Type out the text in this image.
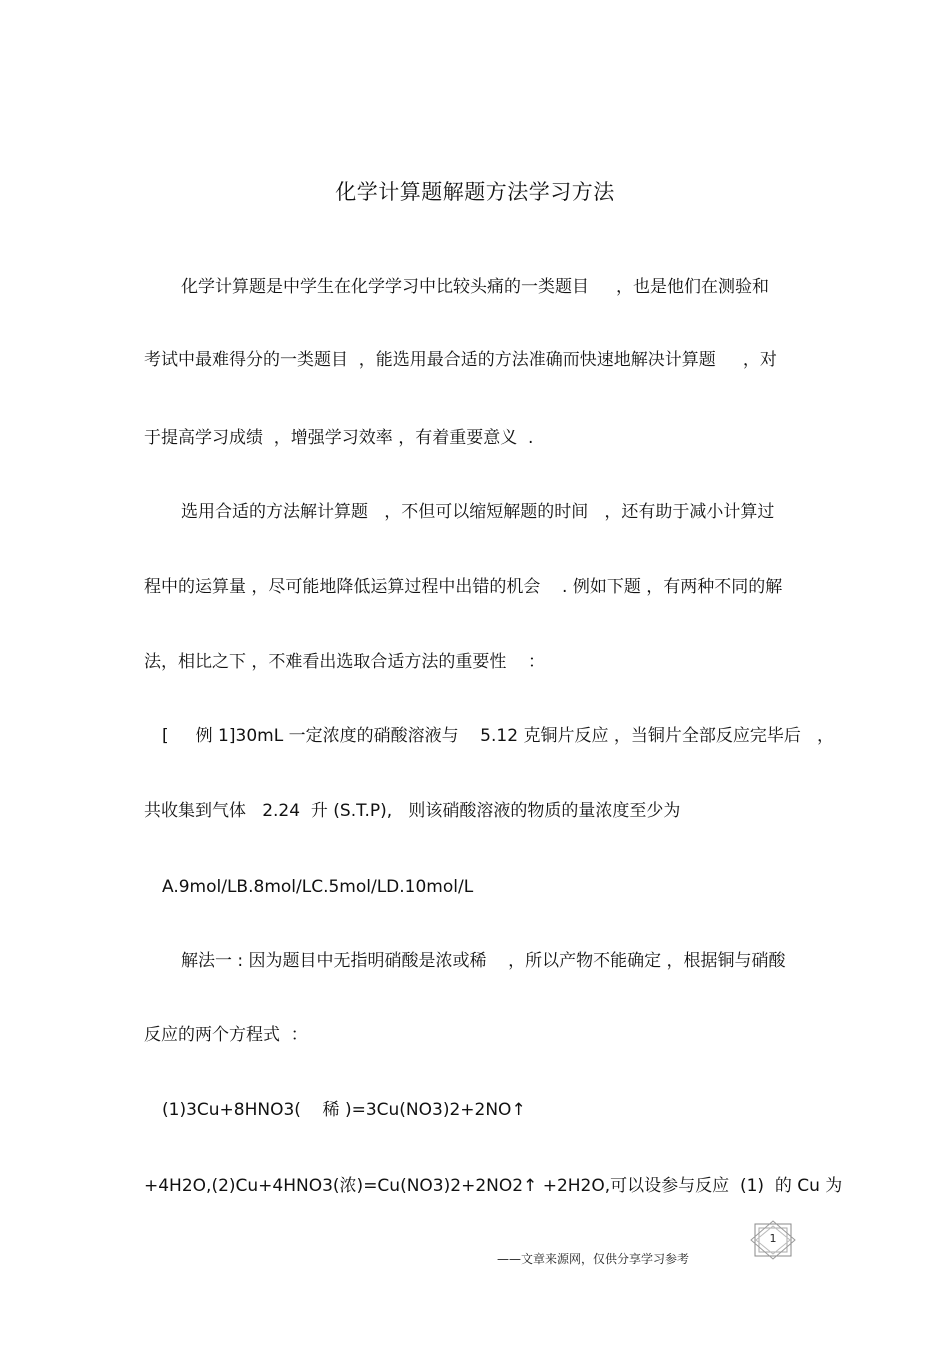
化学计算题解题方法学习方法
化学计算题是中学生在化学学习中比较头痛的一类题目     ，也是他们在测验和
考试中最难得分的一类题目  ，能选用最合适的方法准确而快速地解决计算题     ，对
于提高学习成绩  ，增强学习效率 ，有着重要意义  .
选用合适的方法解计算题   ，不但可以缩短解题的时间   ，还有助于减小计算过
程中的运算量 ，尽可能地降低运算过程中出错的机会    . 例如下题 ，有两种不同的解
法，相比之下 ，不难看出选取合适方法的重要性    ：
[     例 1]30mL 一定浓度的硝酸溶液与    5.12 克铜片反应 ，当铜片全部反应完毕后   ，
共收集到气体   2.24  升 (S.T.P),   则该硝酸溶液的物质的量浓度至少为
A.9mol/LB.8mol/LC.5mol/LD.10mol/L
解法一 : 因为题目中无指明硝酸是浓或稀    ，所以产物不能确定 ，根据铜与硝酸
反应的两个方程式  ：
(1)3Cu+8HNO3(    稀 )=3Cu(NO3)2+2NO↑
+4H2O,(2)Cu+4HNO3(浓)=Cu(NO3)2+2NO2↑ +2H2O,可以设参与反应  (1)  的 Cu 为
1
——文章来源网，仅供分享学习参考
